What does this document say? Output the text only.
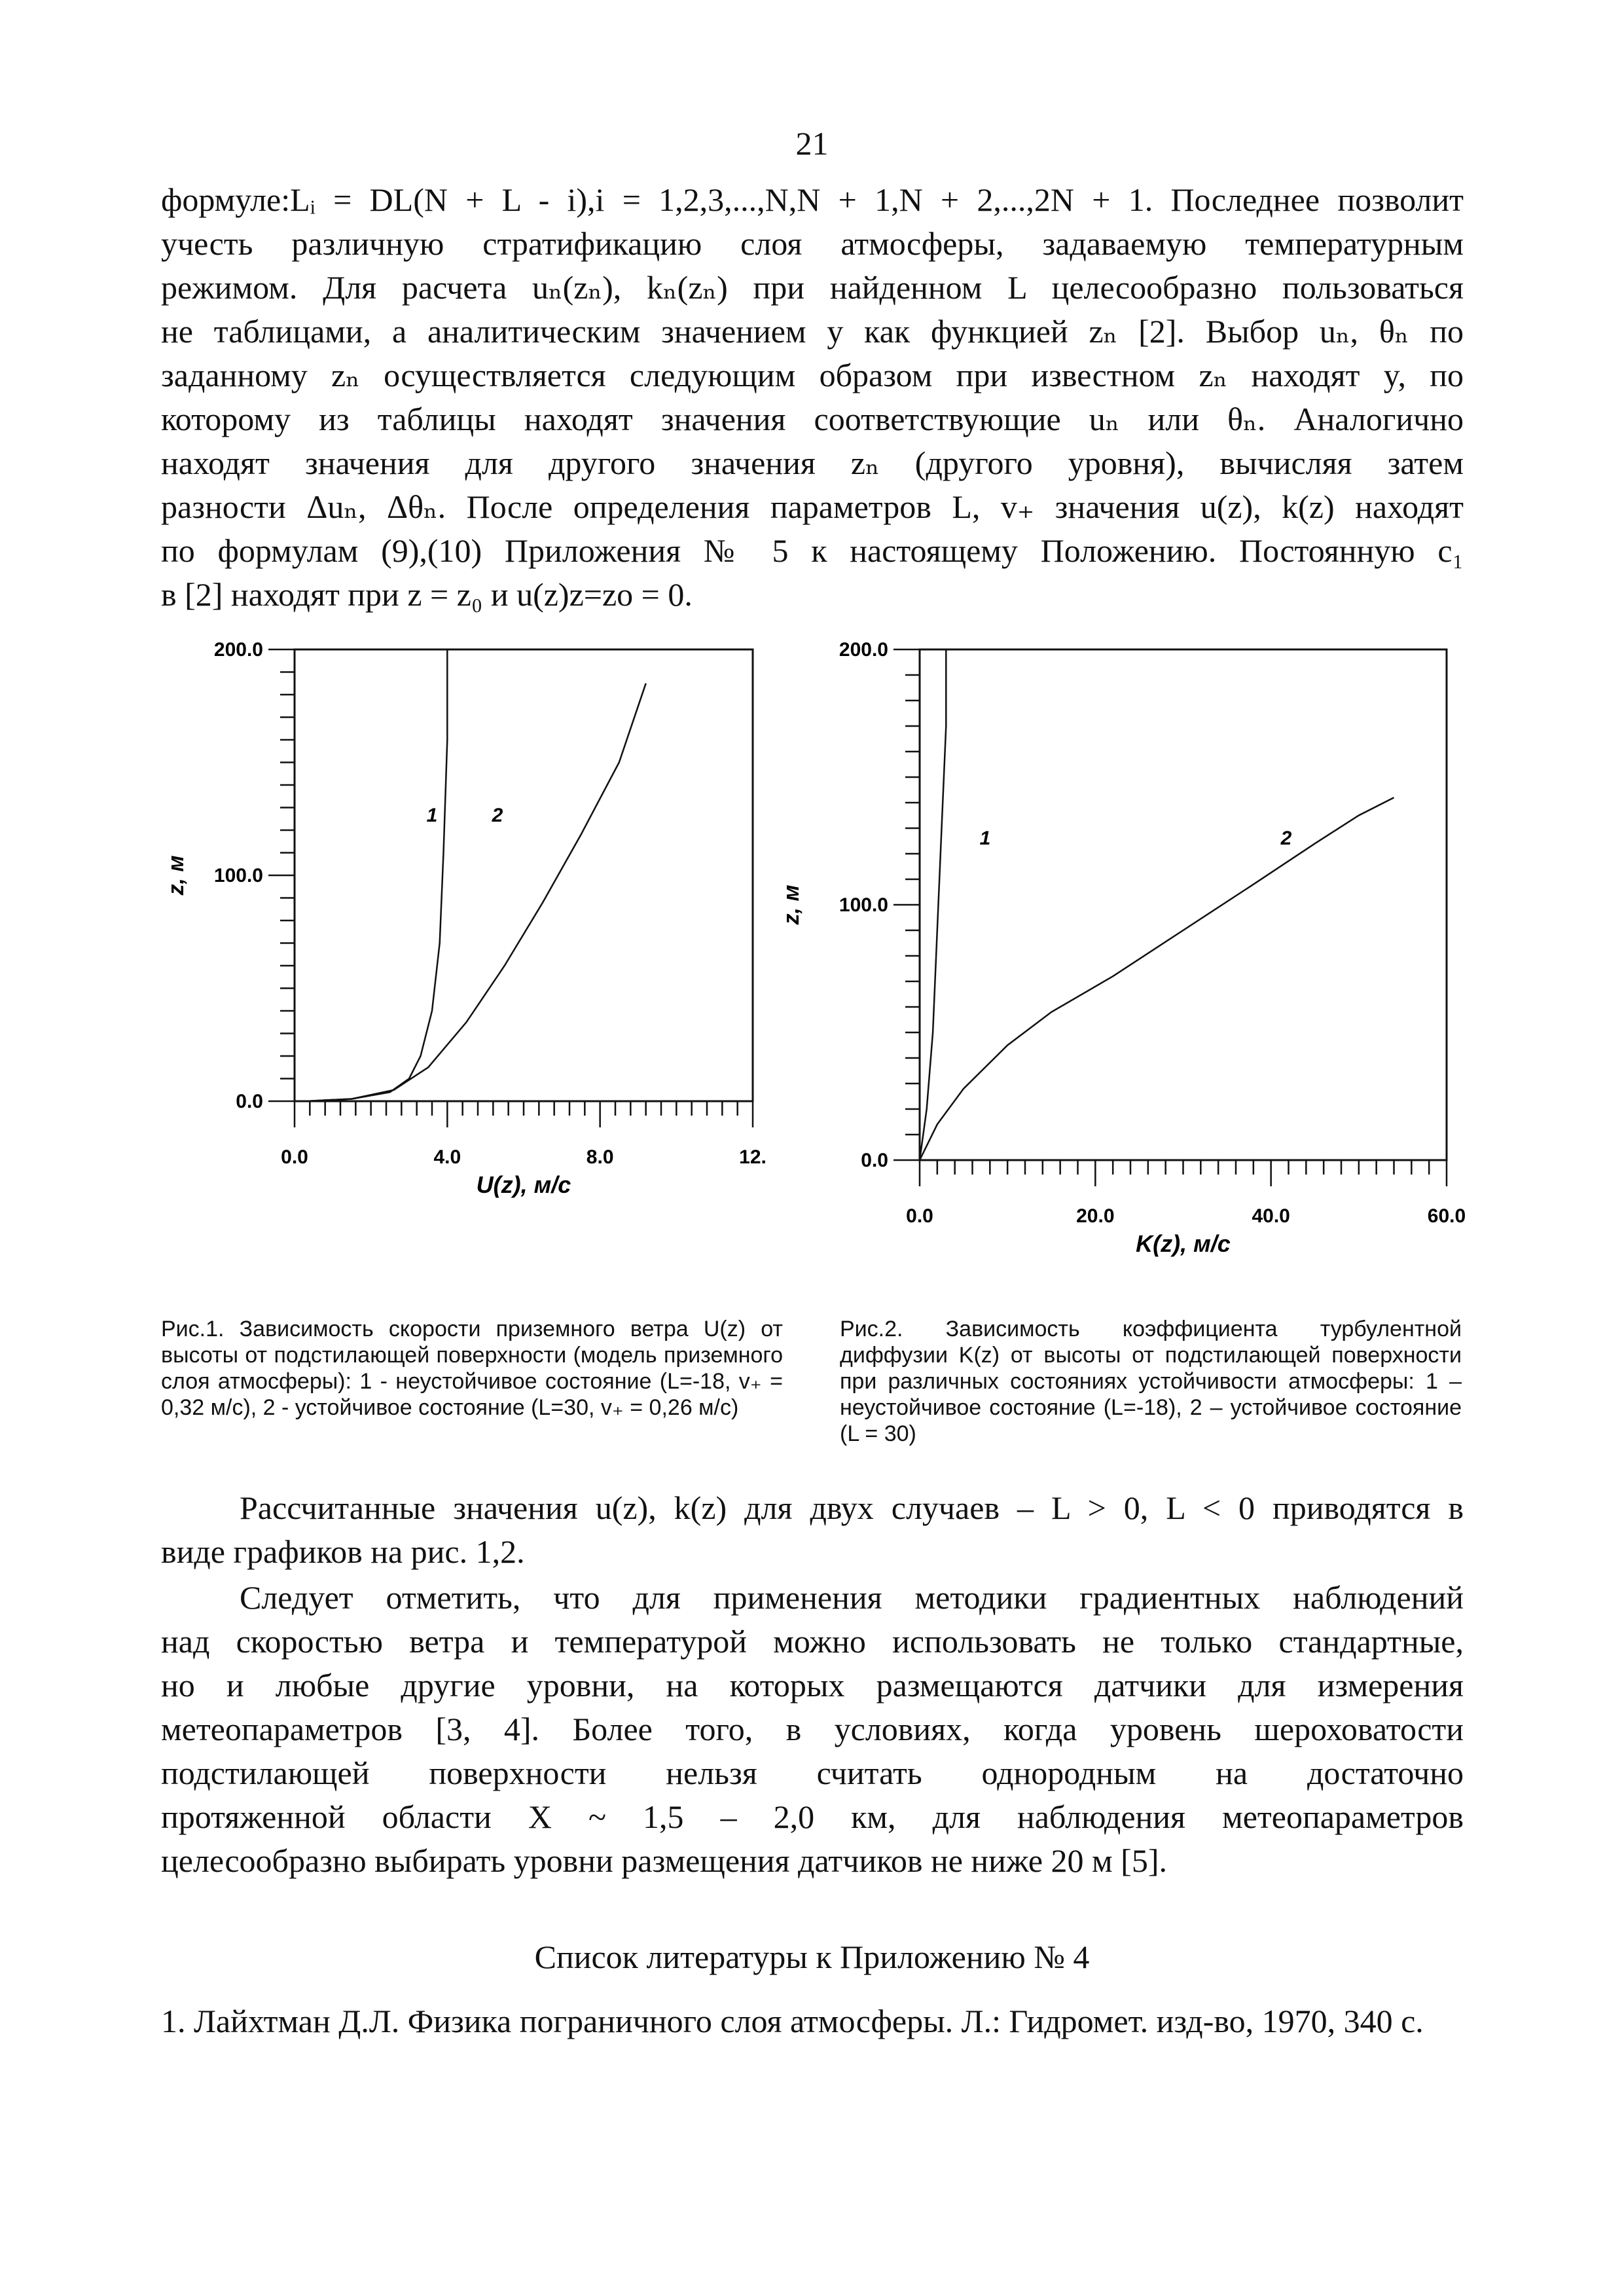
21
формуле:Lᵢ = DL(N + L - i),i = 1,2,3,...,N,N + 1,N + 2,...,2N + 1. Последнее позволит
учесть различную стратификацию слоя атмосферы, задаваемую температурным
режимом. Для расчета uₙ(zₙ), kₙ(zₙ) при найденном L целесообразно пользоваться
не таблицами, а аналитическим значением y как функцией zₙ [2]. Выбор uₙ, θₙ по
заданному zₙ осуществляется следующим образом при известном zₙ находят y, по
которому из таблицы находят значения соответствующие uₙ или θₙ. Аналогично
находят значения для другого значения zₙ (другого уровня), вычисляя затем
разности Δuₙ, Δθₙ. После определения параметров L, v₊ значения u(z), k(z) находят
по формулам (9),(10) Приложения № 5 к настоящему Положению. Постоянную c₁
в [2] находят при z = z₀ и u(z)z=zo = 0.
0.0
100.0
200.0
0.0	4.0	8.0	12.
U(z), м/с
z, м
1	2
0.0
100.0
200.0
0.0	20.0	40.0	60.0
K(z), м/с
z, м
1	2

Рис.1. Зависимость скорости приземного ветра U(z) от высоты от подстилающей поверхности (модель приземного слоя атмосферы): 1 - неустойчивое состояние (L=-18, v₊ = 0,32 м/с), 2 - устойчивое состояние (L=30, v₊ = 0,26 м/с)

Рис.2. Зависимость коэффициента турбулентной диффузии K(z) от высоты от подстилающей поверхности при различных состояниях устойчивости атмосферы: 1 –неустойчивое состояние (L=-18), 2 – устойчивое состояние (L = 30)

Рассчитанные значения u(z), k(z) для двух случаев – L > 0, L < 0 приводятся в
виде графиков на рис. 1,2.
Следует отметить, что для применения методики градиентных наблюдений
над скоростью ветра и температурой можно использовать не только стандартные,
но и любые другие уровни, на которых размещаются датчики для измерения
метеопараметров [3, 4]. Более того, в условиях, когда уровень шероховатости
подстилающей поверхности нельзя считать однородным на достаточно
протяженной области X ~ 1,5 – 2,0 км, для наблюдения метеопараметров
целесообразно выбирать уровни размещения датчиков не ниже 20 м [5].
Список литературы к Приложению № 4
1. Лайхтман Д.Л. Физика пограничного слоя атмосферы. Л.: Гидромет. изд-во, 1970, 340 с.
